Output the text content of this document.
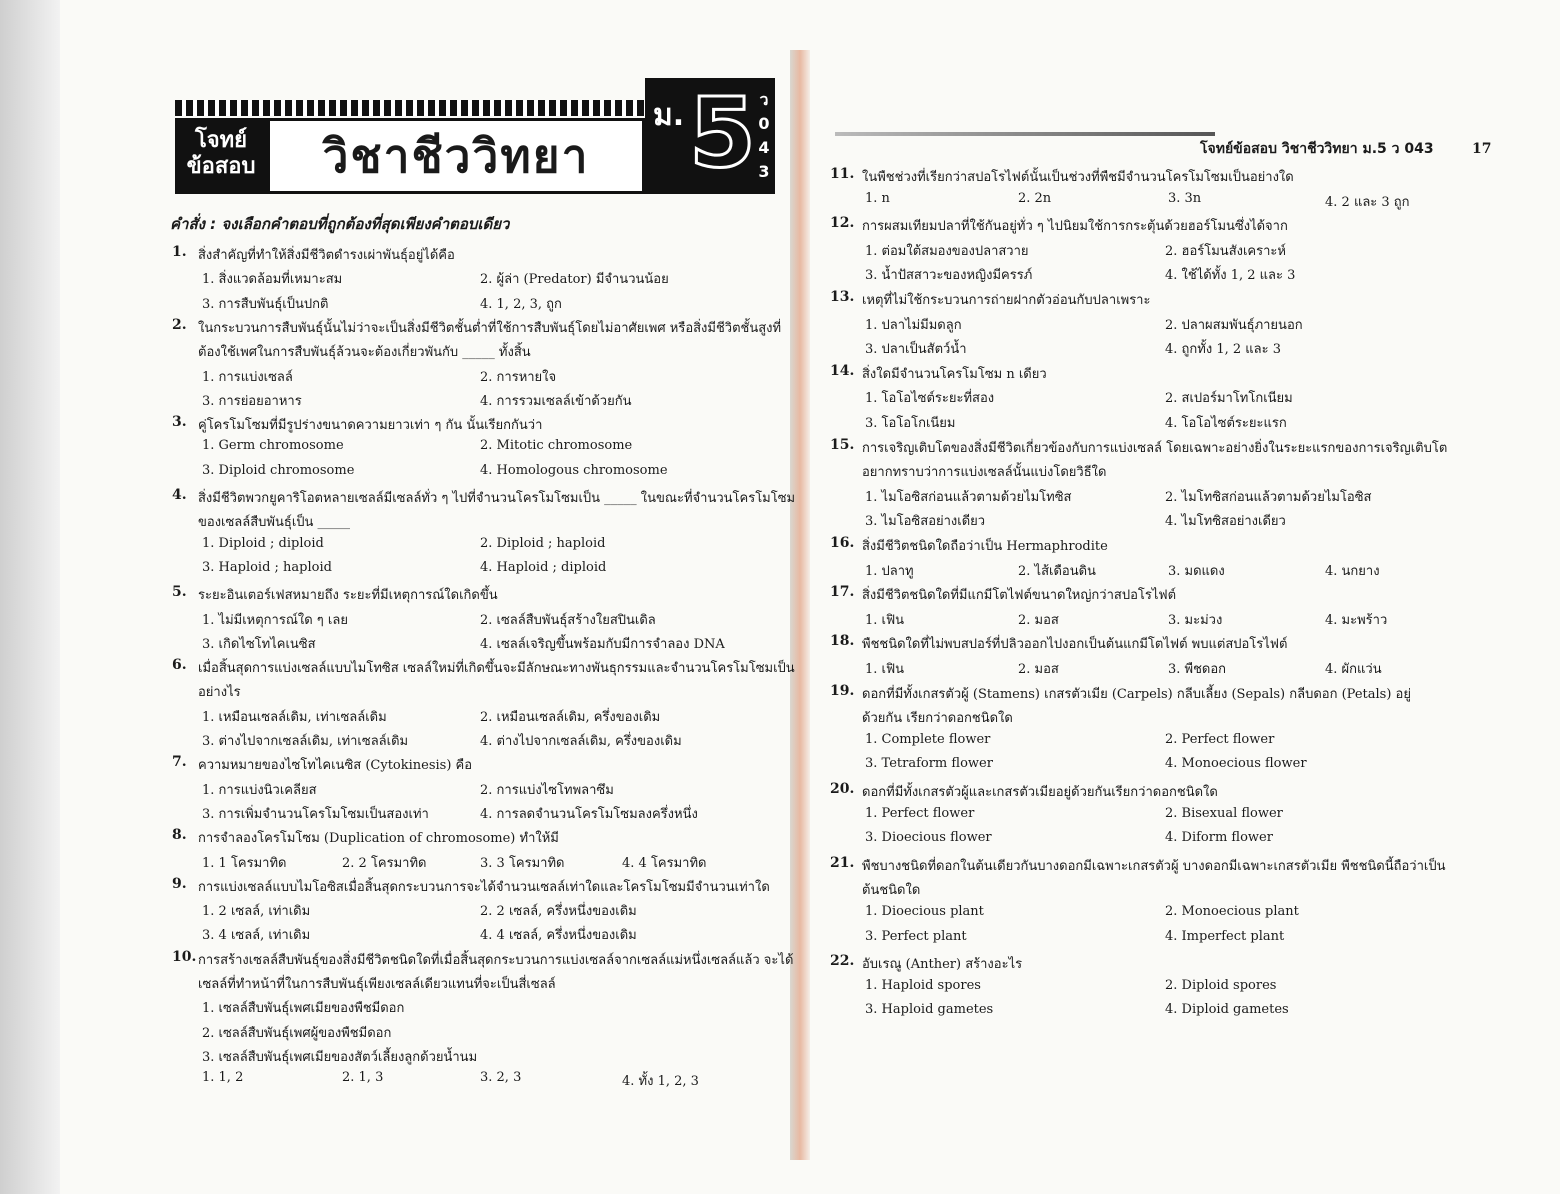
โจทย์
ข้อสอบ	วิชาชีววิทยา
ม. 5 ว043
คำสั่ง : จงเลือกคำตอบที่ถูกต้องที่สุดเพียงคำตอบเดียว
1. สิ่งสำคัญที่ทำให้สิ่งมีชีวิตดำรงเผ่าพันธุ์อยู่ได้คือ
1. สิ่งแวดล้อมที่เหมาะสม	2. ผู้ล่า (Predator) มีจำนวนน้อย
3. การสืบพันธุ์เป็นปกติ	4. 1, 2, 3, ถูก
2. ในกระบวนการสืบพันธุ์นั้นไม่ว่าจะเป็นสิ่งมีชีวิตชั้นต่ำที่ใช้การสืบพันธุ์โดยไม่อาศัยเพศ หรือสิ่งมีชีวิตชั้นสูงที่
ต้องใช้เพศในการสืบพันธุ์ล้วนจะต้องเกี่ยวพันกับ _____ ทั้งสิ้น
1. การแบ่งเซลล์	2. การหายใจ
3. การย่อยอาหาร	4. การรวมเซลล์เข้าด้วยกัน
3. คู่โครโมโซมที่มีรูปร่างขนาดความยาวเท่า ๆ กัน นั้นเรียกกันว่า
1. Germ chromosome	2. Mitotic chromosome
3. Diploid chromosome	4. Homologous chromosome
4. สิ่งมีชีวิตพวกยูคาริโอตหลายเซลล์มีเซลล์ทั่ว ๆ ไปที่จำนวนโครโมโซมเป็น _____ ในขณะที่จำนวนโครโมโซม
ของเซลล์สืบพันธุ์เป็น _____
1. Diploid ; diploid	2. Diploid ; haploid
3. Haploid ; haploid	4. Haploid ; diploid
5. ระยะอินเตอร์เฟสหมายถึง ระยะที่มีเหตุการณ์ใดเกิดขึ้น
1. ไม่มีเหตุการณ์ใด ๆ เลย	2. เซลล์สืบพันธุ์สร้างใยสปินเดิล
3. เกิดไซโทไคเนซิส	4. เซลล์เจริญขึ้นพร้อมกับมีการจำลอง DNA
6. เมื่อสิ้นสุดการแบ่งเซลล์แบบไมโทซิส เซลล์ใหม่ที่เกิดขึ้นจะมีลักษณะทางพันธุกรรมและจำนวนโครโมโซมเป็น
อย่างไร
1. เหมือนเซลล์เดิม, เท่าเซลล์เดิม	2. เหมือนเซลล์เดิม, ครึ่งของเดิม
3. ต่างไปจากเซลล์เดิม, เท่าเซลล์เดิม	4. ต่างไปจากเซลล์เดิม, ครึ่งของเดิม
7. ความหมายของไซโทไคเนซิส (Cytokinesis) คือ
1. การแบ่งนิวเคลียส	2. การแบ่งไซโทพลาซึม
3. การเพิ่มจำนวนโครโมโซมเป็นสองเท่า	4. การลดจำนวนโครโมโซมลงครึ่งหนึ่ง
8. การจำลองโครโมโซม (Duplication of chromosome) ทำให้มี
1. 1 โครมาทิด	2. 2 โครมาทิด	3. 3 โครมาทิด	4. 4 โครมาทิด
9. การแบ่งเซลล์แบบไมโอซิสเมื่อสิ้นสุดกระบวนการจะได้จำนวนเซลล์เท่าใดและโครโมโซมมีจำนวนเท่าใด
1. 2 เซลล์, เท่าเดิม	2. 2 เซลล์, ครึ่งหนึ่งของเดิม
3. 4 เซลล์, เท่าเดิม	4. 4 เซลล์, ครึ่งหนึ่งของเดิม
10. การสร้างเซลล์สืบพันธุ์ของสิ่งมีชีวิตชนิดใดที่เมื่อสิ้นสุดกระบวนการแบ่งเซลล์จากเซลล์แม่หนึ่งเซลล์แล้ว จะได้
เซลล์ที่ทำหน้าที่ในการสืบพันธุ์เพียงเซลล์เดียวแทนที่จะเป็นสี่เซลล์
1. เซลล์สืบพันธุ์เพศเมียของพืชมีดอก
2. เซลล์สืบพันธุ์เพศผู้ของพืชมีดอก
3. เซลล์สืบพันธุ์เพศเมียของสัตว์เลี้ยงลูกด้วยน้ำนม
1. 1, 2	2. 1, 3	3. 2, 3	4. ทั้ง 1, 2, 3
โจทย์ข้อสอบ วิชาชีววิทยา ม.5 ว 043	17
11. ในพืชช่วงที่เรียกว่าสปอโรไฟต์นั้นเป็นช่วงที่พืชมีจำนวนโครโมโซมเป็นอย่างใด
1. n	2. 2n	3. 3n	4. 2 และ 3 ถูก
12. การผสมเทียมปลาที่ใช้กันอยู่ทั่ว ๆ ไปนิยมใช้การกระตุ้นด้วยฮอร์โมนซึ่งได้จาก
1. ต่อมใต้สมองของปลาสวาย	2. ฮอร์โมนสังเคราะห์
3. น้ำปัสสาวะของหญิงมีครรภ์	4. ใช้ได้ทั้ง 1, 2 และ 3
13. เหตุที่ไม่ใช้กระบวนการถ่ายฝากตัวอ่อนกับปลาเพราะ
1. ปลาไม่มีมดลูก	2. ปลาผสมพันธุ์ภายนอก
3. ปลาเป็นสัตว์น้ำ	4. ถูกทั้ง 1, 2 และ 3
14. สิ่งใดมีจำนวนโครโมโซม n เดียว
1. โอโอไซต์ระยะที่สอง	2. สเปอร์มาโทโกเนียม
3. โอโอโกเนียม	4. โอโอไซต์ระยะแรก
15. การเจริญเติบโตของสิ่งมีชีวิตเกี่ยวข้องกับการแบ่งเซลล์ โดยเฉพาะอย่างยิ่งในระยะแรกของการเจริญเติบโต
อยากทราบว่าการแบ่งเซลล์นั้นแบ่งโดยวิธีใด
1. ไมโอซิสก่อนแล้วตามด้วยไมโทซิส	2. ไมโทซิสก่อนแล้วตามด้วยไมโอซิส
3. ไมโอซิสอย่างเดียว	4. ไมโทซิสอย่างเดียว
16. สิ่งมีชีวิตชนิดใดถือว่าเป็น Hermaphrodite
1. ปลาทู	2. ไส้เดือนดิน	3. มดแดง	4. นกยาง
17. สิ่งมีชีวิตชนิดใดที่มีแกมีโตไฟต์ขนาดใหญ่กว่าสปอโรไฟต์
1. เฟิน	2. มอส	3. มะม่วง	4. มะพร้าว
18. พืชชนิดใดที่ไม่พบสปอร์ที่ปลิวออกไปงอกเป็นต้นแกมีโตไฟต์ พบแต่สปอโรไฟต์
1. เฟิน	2. มอส	3. พืชดอก	4. ผักแว่น
19. ดอกที่มีทั้งเกสรตัวผู้ (Stamens) เกสรตัวเมีย (Carpels) กลีบเลี้ยง (Sepals) กลีบดอก (Petals) อยู่
ด้วยกัน เรียกว่าดอกชนิดใด
1. Complete flower	2. Perfect flower
3. Tetraform flower	4. Monoecious flower
20. ดอกที่มีทั้งเกสรตัวผู้และเกสรตัวเมียอยู่ด้วยกันเรียกว่าดอกชนิดใด
1. Perfect flower	2. Bisexual flower
3. Dioecious flower	4. Diform flower
21. พืชบางชนิดที่ดอกในต้นเดียวกันบางดอกมีเฉพาะเกสรตัวผู้ บางดอกมีเฉพาะเกสรตัวเมีย พืชชนิดนี้ถือว่าเป็น
ต้นชนิดใด
1. Dioecious plant	2. Monoecious plant
3. Perfect plant	4. Imperfect plant
22. อับเรณู (Anther) สร้างอะไร
1. Haploid spores	2. Diploid spores
3. Haploid gametes	4. Diploid gametes
